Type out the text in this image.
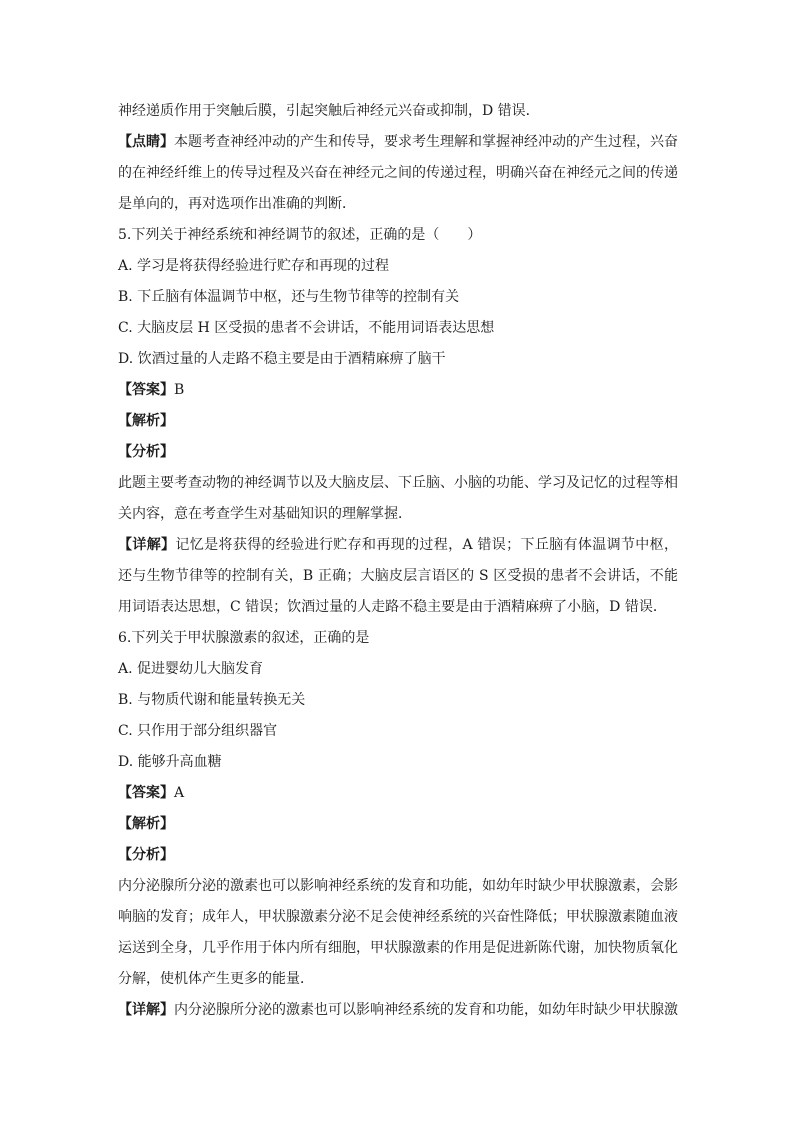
神经递质作用于突触后膜，引起突触后神经元兴奋或抑制，D 错误．

【点睛】本题考查神经冲动的产生和传导，要求考生理解和掌握神经冲动的产生过程，兴奋的在神经纤维上的传导过程及兴奋在神经元之间的传递过程，明确兴奋在神经元之间的传递是单向的，再对选项作出准确的判断．

5.下列关于神经系统和神经调节的叙述，正确的是（　　）

A. 学习是将获得经验进行贮存和再现的过程

B. 下丘脑有体温调节中枢，还与生物节律等的控制有关

C. 大脑皮层 H 区受损的患者不会讲话，不能用词语表达思想

D. 饮酒过量的人走路不稳主要是由于酒精麻痹了脑干

【答案】B

【解析】

【分析】

此题主要考查动物的神经调节以及大脑皮层、下丘脑、小脑的功能、学习及记忆的过程等相关内容，意在考查学生对基础知识的理解掌握．

【详解】记忆是将获得的经验进行贮存和再现的过程，A 错误；下丘脑有体温调节中枢，还与生物节律等的控制有关，B 正确；大脑皮层言语区的 S 区受损的患者不会讲话，不能用词语表达思想，C 错误；饮酒过量的人走路不稳主要是由于酒精麻痹了小脑，D 错误．

6.下列关于甲状腺激素的叙述，正确的是

A. 促进婴幼儿大脑发育

B. 与物质代谢和能量转换无关

C. 只作用于部分组织器官

D. 能够升高血糖

【答案】A

【解析】

【分析】

内分泌腺所分泌的激素也可以影响神经系统的发育和功能，如幼年时缺少甲状腺激素，会影响脑的发育；成年人，甲状腺激素分泌不足会使神经系统的兴奋性降低；甲状腺激素随血液运送到全身，几乎作用于体内所有细胞，甲状腺激素的作用是促进新陈代谢，加快物质氧化分解，使机体产生更多的能量．

【详解】内分泌腺所分泌的激素也可以影响神经系统的发育和功能，如幼年时缺少甲状腺激
